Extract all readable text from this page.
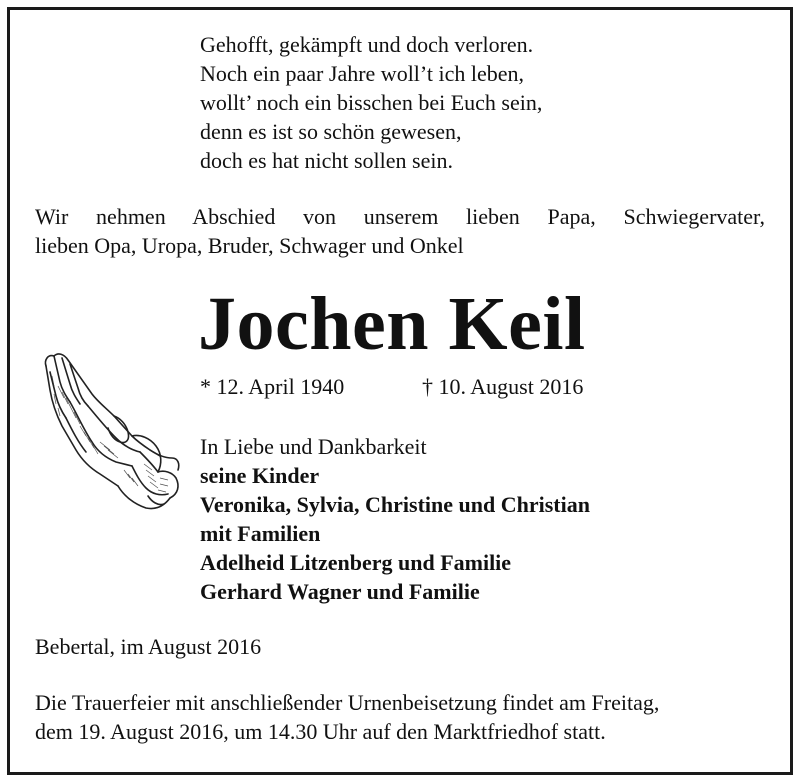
Gehofft, gekämpft und doch verloren.
Noch ein paar Jahre woll’t ich leben,
wollt’ noch ein bisschen bei Euch sein,
denn es ist so schön gewesen,
doch es hat nicht sollen sein.
Wir nehmen Abschied von unserem lieben Papa, Schwiegervater,
lieben Opa, Uropa, Bruder, Schwager und Onkel
Jochen Keil
* 12. April 1940	† 10. August 2016
In Liebe und Dankbarkeit
seine Kinder
Veronika, Sylvia, Christine und Christian
mit Familien
Adelheid Litzenberg und Familie
Gerhard Wagner und Familie
Bebertal, im August 2016
Die Trauerfeier mit anschließender Urnenbeisetzung findet am Freitag,
dem 19. August 2016, um 14.30 Uhr auf den Marktfriedhof statt.
